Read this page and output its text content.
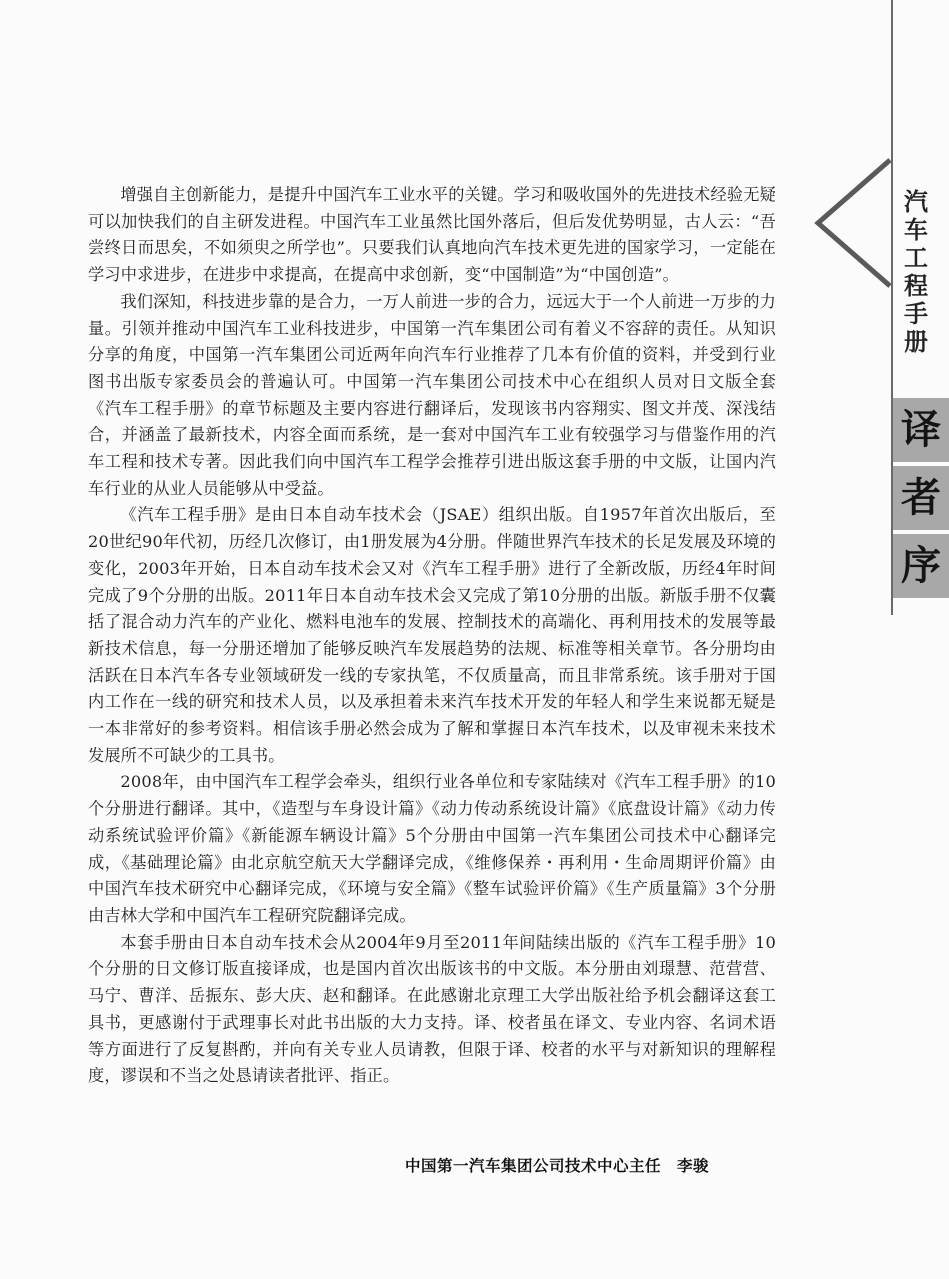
增强自主创新能力，是提升中国汽车工业水平的关键。学习和吸收国外的先进技术经验无疑可以加快我们的自主研发进程。中国汽车工业虽然比国外落后，但后发优势明显，古人云：“吾尝终日而思矣，不如须臾之所学也”。只要我们认真地向汽车技术更先进的国家学习，一定能在学习中求进步，在进步中求提高，在提高中求创新，变“中国制造”为“中国创造”。

我们深知，科技进步靠的是合力，一万人前进一步的合力，远远大于一个人前进一万步的力量。引领并推动中国汽车工业科技进步，中国第一汽车集团公司有着义不容辞的责任。从知识分享的角度，中国第一汽车集团公司近两年向汽车行业推荐了几本有价值的资料，并受到行业图书出版专家委员会的普遍认可。中国第一汽车集团公司技术中心在组织人员对日文版全套《汽车工程手册》的章节标题及主要内容进行翻译后，发现该书内容翔实、图文并茂、深浅结合，并涵盖了最新技术，内容全面而系统，是一套对中国汽车工业有较强学习与借鉴作用的汽车工程和技术专著。因此我们向中国汽车工程学会推荐引进出版这套手册的中文版，让国内汽车行业的从业人员能够从中受益。

《汽车工程手册》是由日本自动车技术会（JSAE）组织出版。自1957年首次出版后，至20世纪90年代初，历经几次修订，由1册发展为4分册。伴随世界汽车技术的长足发展及环境的变化，2003年开始，日本自动车技术会又对《汽车工程手册》进行了全新改版，历经4年时间完成了9个分册的出版。2011年日本自动车技术会又完成了第10分册的出版。新版手册不仅囊括了混合动力汽车的产业化、燃料电池车的发展、控制技术的高端化、再利用技术的发展等最新技术信息，每一分册还增加了能够反映汽车发展趋势的法规、标准等相关章节。各分册均由活跃在日本汽车各专业领域研发一线的专家执笔，不仅质量高，而且非常系统。该手册对于国内工作在一线的研究和技术人员，以及承担着未来汽车技术开发的年轻人和学生来说都无疑是一本非常好的参考资料。相信该手册必然会成为了解和掌握日本汽车技术，以及审视未来技术发展所不可缺少的工具书。

2008年，由中国汽车工程学会牵头，组织行业各单位和专家陆续对《汽车工程手册》的10个分册进行翻译。其中，《造型与车身设计篇》《动力传动系统设计篇》《底盘设计篇》《动力传动系统试验评价篇》《新能源车辆设计篇》5个分册由中国第一汽车集团公司技术中心翻译完成，《基础理论篇》由北京航空航天大学翻译完成，《维修保养・再利用・生命周期评价篇》由中国汽车技术研究中心翻译完成，《环境与安全篇》《整车试验评价篇》《生产质量篇》3个分册由吉林大学和中国汽车工程研究院翻译完成。

本套手册由日本自动车技术会从2004年9月至2011年间陆续出版的《汽车工程手册》10个分册的日文修订版直接译成，也是国内首次出版该书的中文版。本分册由刘璟慧、范营营、马宁、曹洋、岳振东、彭大庆、赵和翻译。在此感谢北京理工大学出版社给予机会翻译这套工具书，更感谢付于武理事长对此书出版的大力支持。译、校者虽在译文、专业内容、名词术语等方面进行了反复斟酌，并向有关专业人员请教，但限于译、校者的水平与对新知识的理解程度，谬误和不当之处恳请读者批评、指正。

中国第一汽车集团公司技术中心主任　李骏
汽
车
工
程
手
册
译
者
序
